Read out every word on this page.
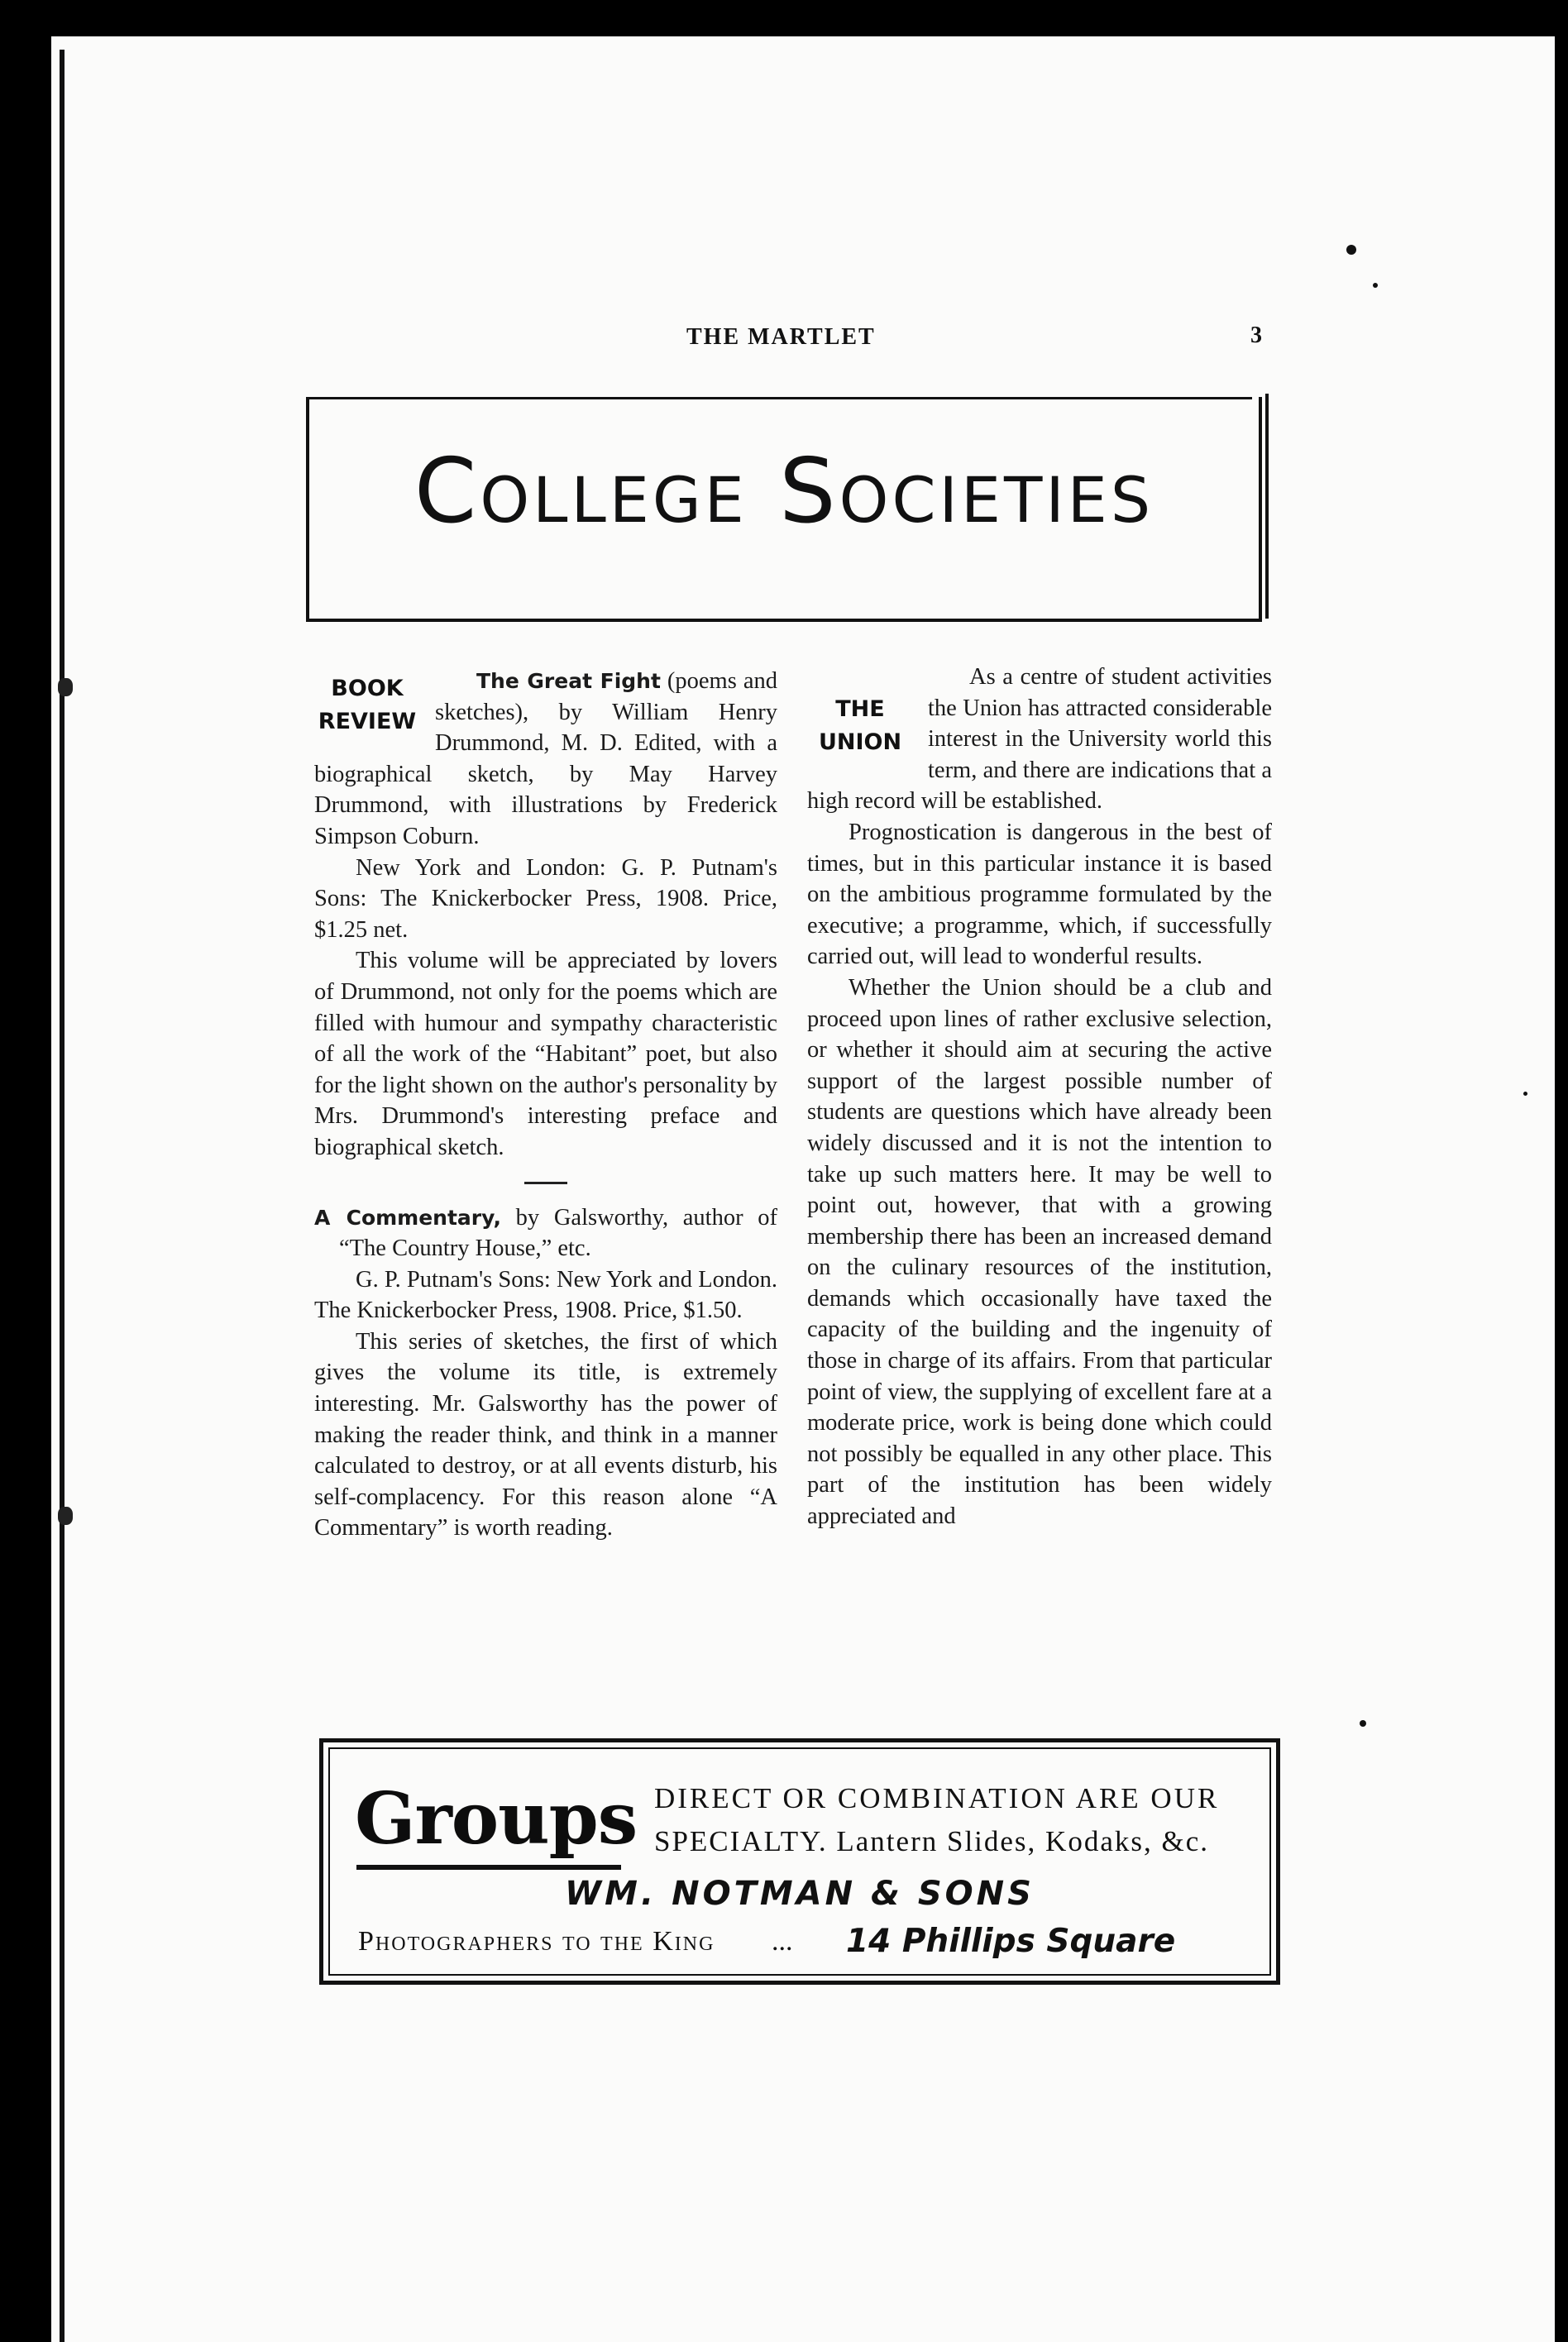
THE MARTLET	3
College Societies
BOOK
REVIEW

The Great Fight (poems and sketches), by William Henry Drummond, M. D. Edited, with a biographical sketch, by May Harvey Drummond, with illustrations by Frederick Simpson Coburn.

New York and London: G. P. Putnam's Sons: The Knickerbocker Press, 1908. Price, $1.25 net.

This volume will be appreciated by lovers of Drummond, not only for the poems which are filled with humour and sympathy characteristic of all the work of the “Habitant” poet, but also for the light shown on the author's personality by Mrs. Drummond's interesting preface and biographical sketch.

A Commentary, by Galsworthy, author of “The Country House,” etc.

G. P. Putnam's Sons: New York and London. The Knickerbocker Press, 1908. Price, $1.50.

This series of sketches, the first of which gives the volume its title, is extremely interesting. Mr. Galsworthy has the power of making the reader think, and think in a manner calculated to destroy, or at all events disturb, his self-complacency. For this reason alone “A Commentary” is worth reading.

THE
UNION

As a centre of student activities the Union has attracted considerable interest in the University world this term, and there are indications that a high record will be established.

Prognostication is dangerous in the best of times, but in this particular instance it is based on the ambitious programme formulated by the executive; a programme, which, if successfully carried out, will lead to wonderful results.

Whether the Union should be a club and proceed upon lines of rather exclusive selection, or whether it should aim at securing the active support of the largest possible number of students are questions which have already been widely discussed and it is not the intention to take up such matters here. It may be well to point out, however, that with a growing membership there has been an increased demand on the culinary resources of the institution, demands which occasionally have taxed the capacity of the building and the ingenuity of those in charge of its affairs. From that particular point of view, the supplying of excellent fare at a moderate price, work is being done which could not possibly be equalled in any other place. This part of the institution has been widely appreciated and

Groups DIRECT OR COMBINATION ARE OUR
SPECIALTY. Lantern Slides, Kodaks, &c.
WM. NOTMAN & SONS
Photographers to the King ... 14 Phillips Square
